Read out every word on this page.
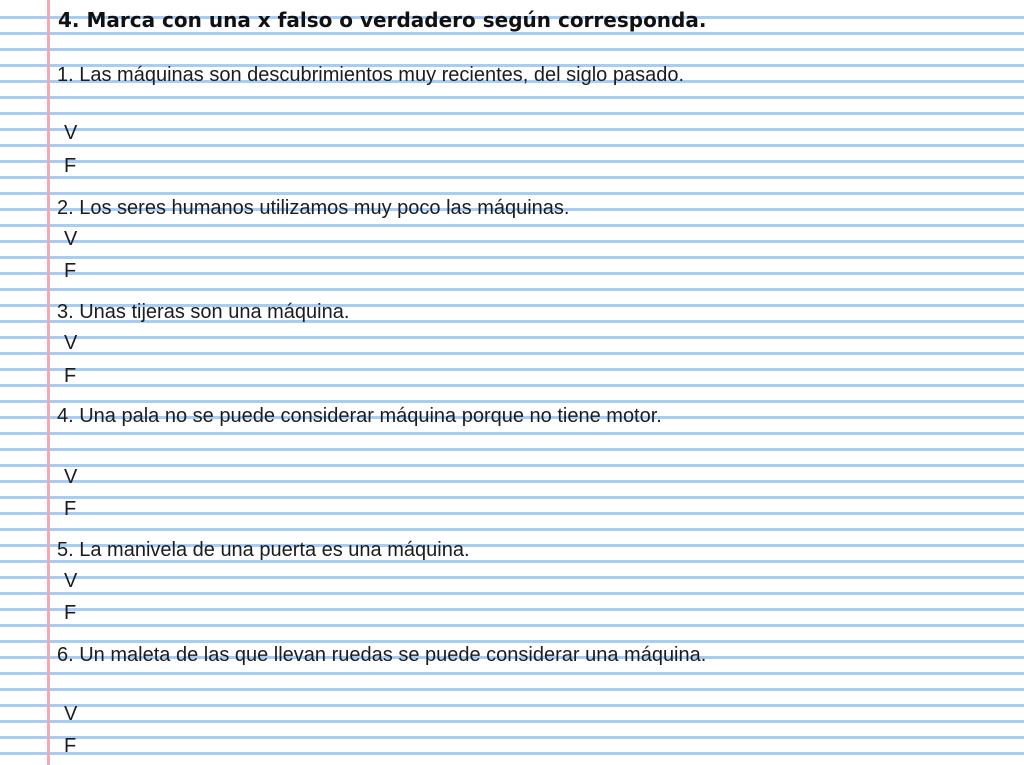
4. Marca con una x falso o verdadero según corresponda.
1. Las máquinas son descubrimientos muy recientes, del siglo pasado.
V
F
2. Los seres humanos utilizamos muy poco las máquinas.
V
F
3. Unas tijeras son una máquina.
V
F
4. Una pala no se puede considerar máquina porque no tiene motor.
V
F
5. La manivela de una puerta es una máquina.
V
F
6. Un maleta de las que llevan ruedas se puede considerar una máquina.
V
F
